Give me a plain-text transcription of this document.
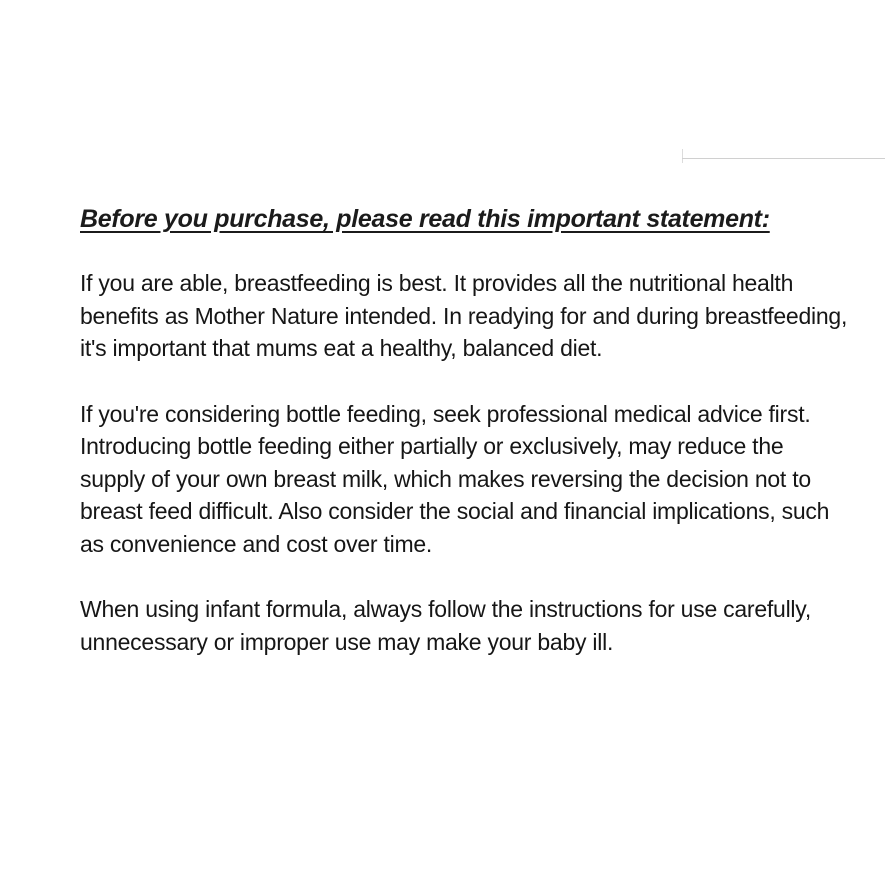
Before you purchase, please read this important statement:

If you are able, breastfeeding is best. It provides all the nutritional health benefits as Mother Nature intended. In readying for and during breastfeeding, it's important that mums eat a healthy, balanced diet.

If you're considering bottle feeding, seek professional medical advice first. Introducing bottle feeding either partially or exclusively, may reduce the supply of your own breast milk, which makes reversing the decision not to breast feed difficult. Also consider the social and financial implications, such as convenience and cost over time.

When using infant formula, always follow the instructions for use carefully, unnecessary or improper use may make your baby ill.
